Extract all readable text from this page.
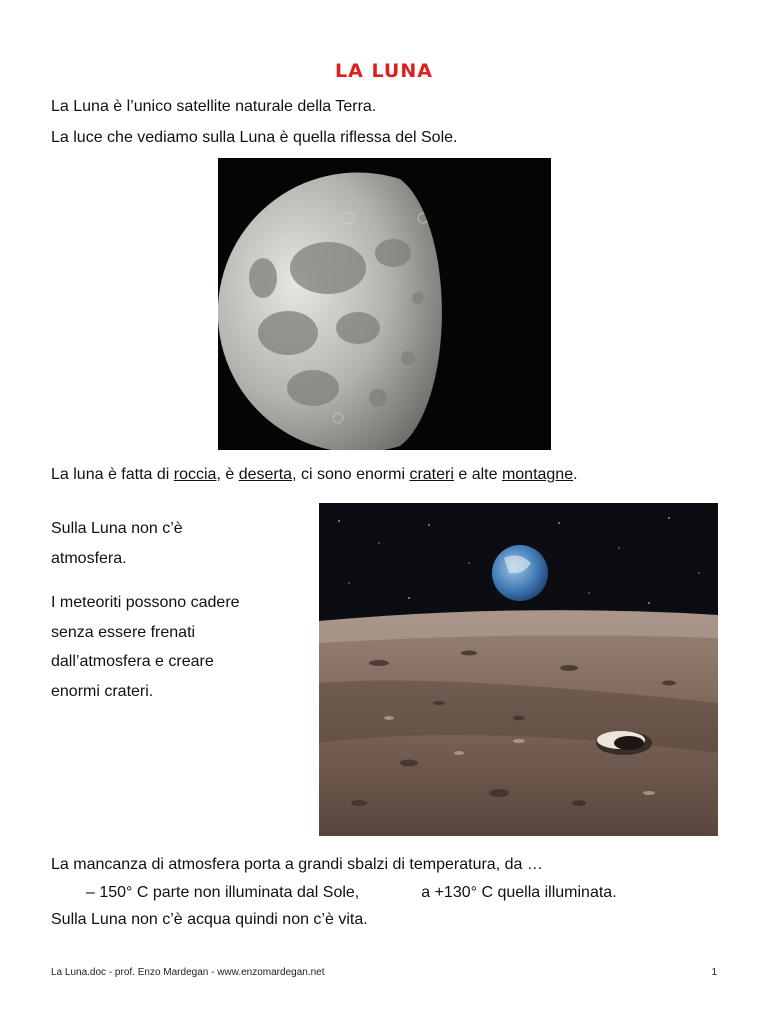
LA LUNA
La Luna è l’unico satellite naturale della Terra.
La luce che vediamo sulla Luna è quella riflessa del Sole.
La luna è fatta di roccia, è deserta, ci sono enormi crateri e alte montagne.
Sulla Luna non c’è
atmosfera.
I meteoriti possono cadere
senza essere frenati
dall’atmosfera e creare
enormi crateri.
La mancanza di atmosfera porta a grandi sbalzi di temperatura, da …
– 150° C parte non illuminata dal Sole,	a +130° C quella illuminata.
Sulla Luna non c’è acqua quindi non c’è vita.
La Luna.doc - prof. Enzo Mardegan - www.enzomardegan.net	1
